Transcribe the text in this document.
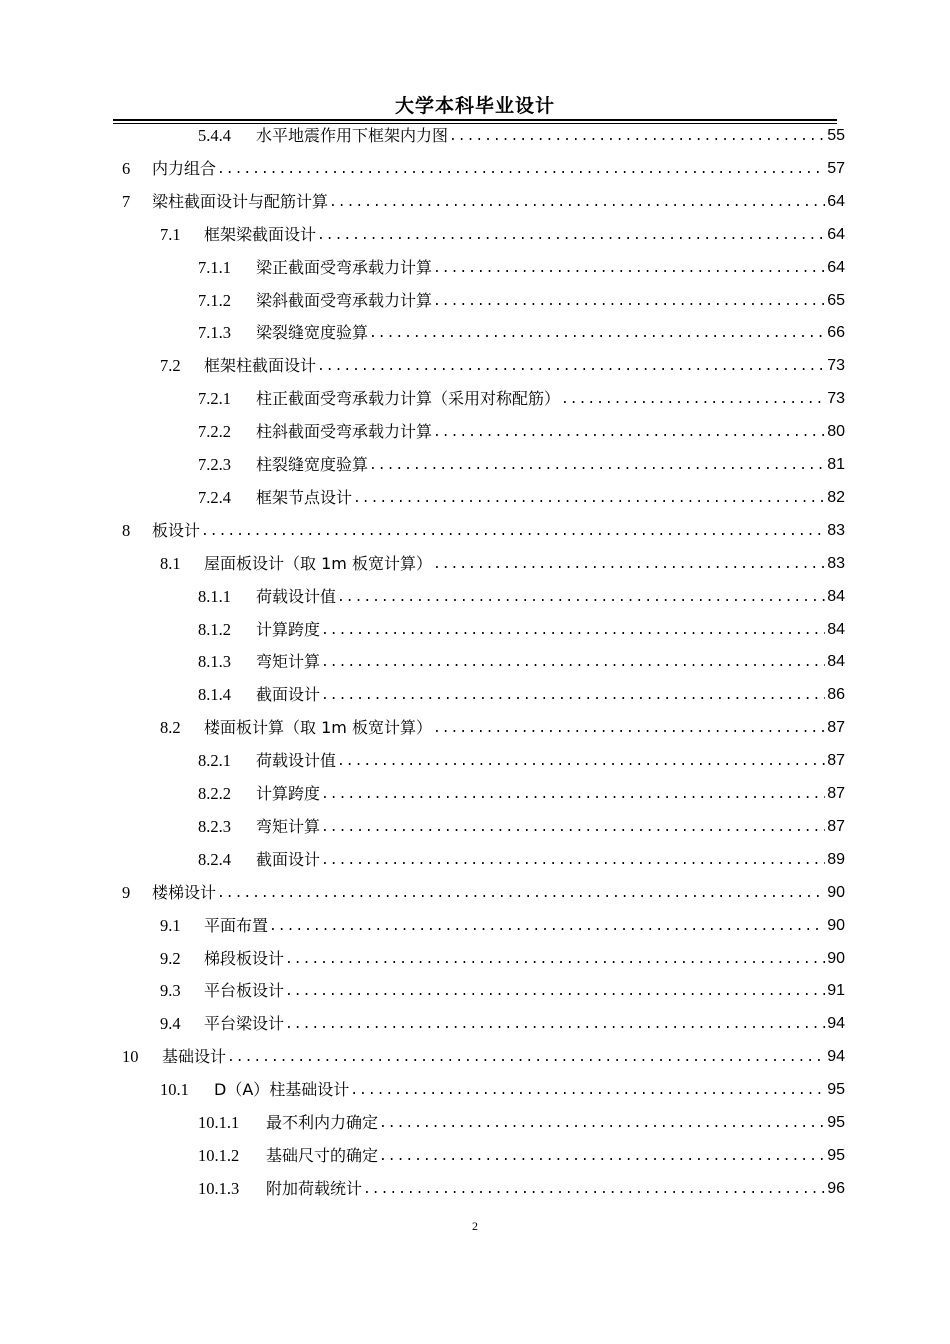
大学本科毕业设计
5.4.4	水平地震作用下框架内力图 .....	55
6	内力组合 .....	57
7	梁柱截面设计与配筋计算 .....	64
7.1	框架梁截面设计 .....	64
7.1.1	梁正截面受弯承载力计算 .....	64
7.1.2	梁斜截面受弯承载力计算 .....	65
7.1.3	梁裂缝宽度验算 .....	66
7.2	框架柱截面设计 .....	73
7.2.1	柱正截面受弯承载力计算（采用对称配筋） .....	73
7.2.2	柱斜截面受弯承载力计算 .....	80
7.2.3	柱裂缝宽度验算 .....	81
7.2.4	框架节点设计 .....	82
8	板设计 .....	83
8.1	屋面板设计（取 1m 板宽计算） .....	83
8.1.1	荷载设计值 .....	84
8.1.2	计算跨度 .....	84
8.1.3	弯矩计算 .....	84
8.1.4	截面设计 .....	86
8.2	楼面板计算（取 1m 板宽计算） .....	87
8.2.1	荷载设计值 .....	87
8.2.2	计算跨度 .....	87
8.2.3	弯矩计算 .....	87
8.2.4	截面设计 .....	89
9	楼梯设计 .....	90
9.1	平面布置 .....	90
9.2	梯段板设计 .....	90
9.3	平台板设计 .....	91
9.4	平台梁设计 .....	94
10	基础设计 .....	94
10.1	D（A）柱基础设计 .....	95
10.1.1	最不利内力确定 .....	95
10.1.2	基础尺寸的确定 .....	95
10.1.3	附加荷载统计 .....	96
2
